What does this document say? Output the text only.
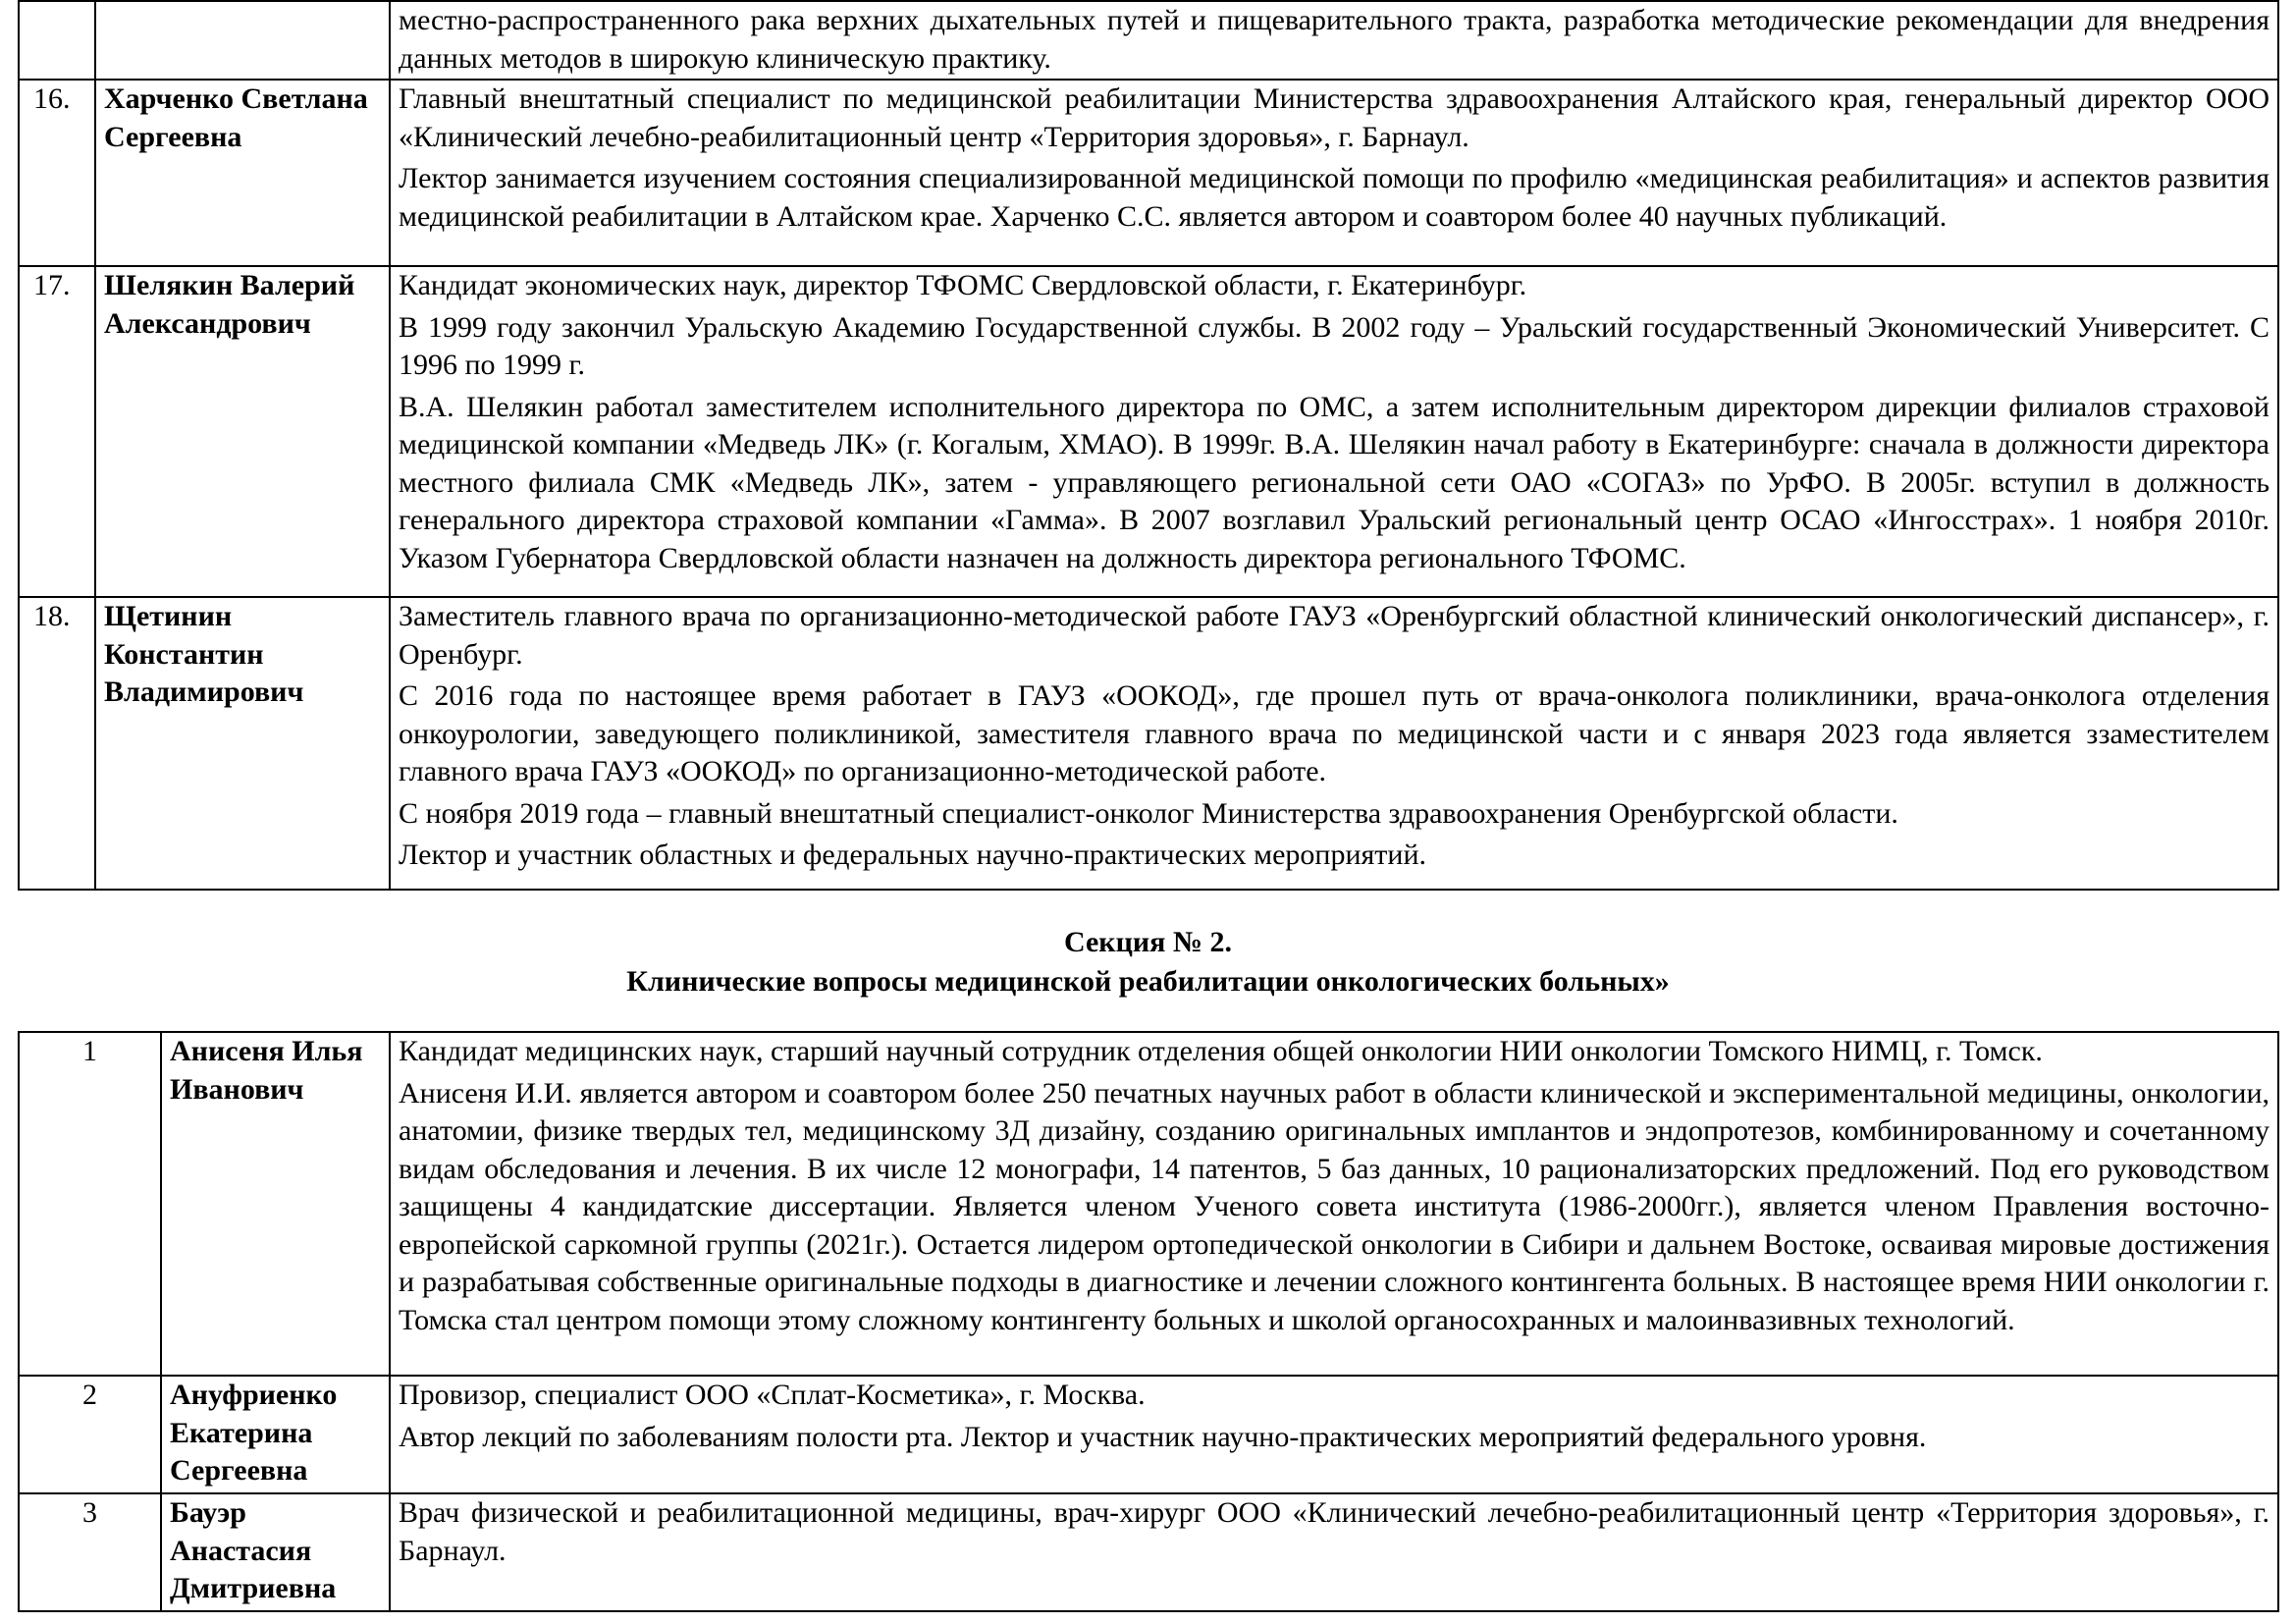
		местно-распространенного рака верхних дыхательных путей и пищеварительного тракта, разработка методические рекомендации для внедрения данных методов в широкую клиническую практику.

16.	Харченко Светлана Сергеевна	Главный внештатный специалист по медицинской реабилитации Министерства здравоохранения Алтайского края, генеральный директор ООО «Клинический лечебно-реабилитационный центр «Территория здоровья», г. Барнаул.

Лектор занимается изучением состояния специализированной медицинской помощи по профилю «медицинская реабилитация» и аспектов развития медицинской реабилитации в Алтайском крае. Харченко С.С. является автором и соавтором более 40 научных публикаций.

17.	Шелякин Валерий Александрович	Кандидат экономических наук, директор ТФОМС Свердловской области, г. Екатеринбург.

В 1999 году закончил Уральскую Академию Государственной службы. В 2002 году – Уральский государственный Экономический Университет. С 1996 по 1999 г.

В.А. Шелякин работал заместителем исполнительного директора по ОМС, а затем исполнительным директором дирекции филиалов страховой медицинской компании «Медведь ЛК» (г. Когалым, ХМАО). В 1999г. В.А. Шелякин начал работу в Екатеринбурге: сначала в должности директора местного филиала СМК «Медведь ЛК», затем - управляющего региональной сети ОАО «СОГАЗ» по УрФО. В 2005г. вступил в должность генерального директора страховой компании «Гамма». В 2007 возглавил Уральский региональный центр ОСАО «Ингосстрах». 1 ноября 2010г. Указом Губернатора Свердловской области назначен на должность директора регионального ТФОМС.

18.	Щетинин Константин Владимирович	Заместитель главного врача по организационно-методической работе ГАУЗ «Оренбургский областной клинический онкологический диспансер», г. Оренбург.

С 2016 года по настоящее время работает в ГАУЗ «ООКОД», где прошел путь от врача-онколога поликлиники, врача-онколога отделения онкоурологии, заведующего поликлиникой, заместителя главного врача по медицинской части и с января 2023 года является ззаместителем главного врача ГАУЗ «ООКОД» по организационно-методической работе.

С ноября 2019 года – главный внештатный специалист-онколог Министерства здравоохранения Оренбургской области.

Лектор и участник областных и федеральных научно-практических мероприятий.

Секция № 2.
Клинические вопросы медицинской реабилитации онкологических больных»
1	Анисеня Илья Иванович	Кандидат медицинских наук, старший научный сотрудник отделения общей онкологии НИИ онкологии Томского НИМЦ, г. Томск.

Анисеня И.И. является автором и соавтором более 250 печатных научных работ в области клинической и экспериментальной медицины, онкологии, анатомии, физике твердых тел, медицинскому 3Д дизайну, созданию оригинальных имплантов и эндопротезов, комбинированному и сочетанному видам обследования и лечения. В их числе 12 монографи, 14 патентов, 5 баз данных, 10 рационализаторских предложений. Под его руководством защищены 4 кандидатские диссертации. Является членом Ученого совета института (1986-2000гг.), является членом Правления восточно-европейской саркомной группы (2021г.). Остается лидером ортопедической онкологии в Сибири и дальнем Востоке, осваивая мировые достижения и разрабатывая собственные оригинальные подходы в диагностике и лечении сложного контингента больных. В настоящее время НИИ онкологии г. Томска стал центром помощи этому сложному контингенту больных и школой органосохранных и малоинвазивных технологий.

2	Ануфриенко Екатерина Сергеевна	Провизор, специалист ООО «Сплат-Косметика», г. Москва.

Автор лекций по заболеваниям полости рта. Лектор и участник научно-практических мероприятий федерального уровня.

3	Бауэр Анастасия Дмитриевна	Врач физической и реабилитационной медицины, врач-хирург ООО «Клинический лечебно-реабилитационный центр «Территория здоровья», г. Барнаул.
